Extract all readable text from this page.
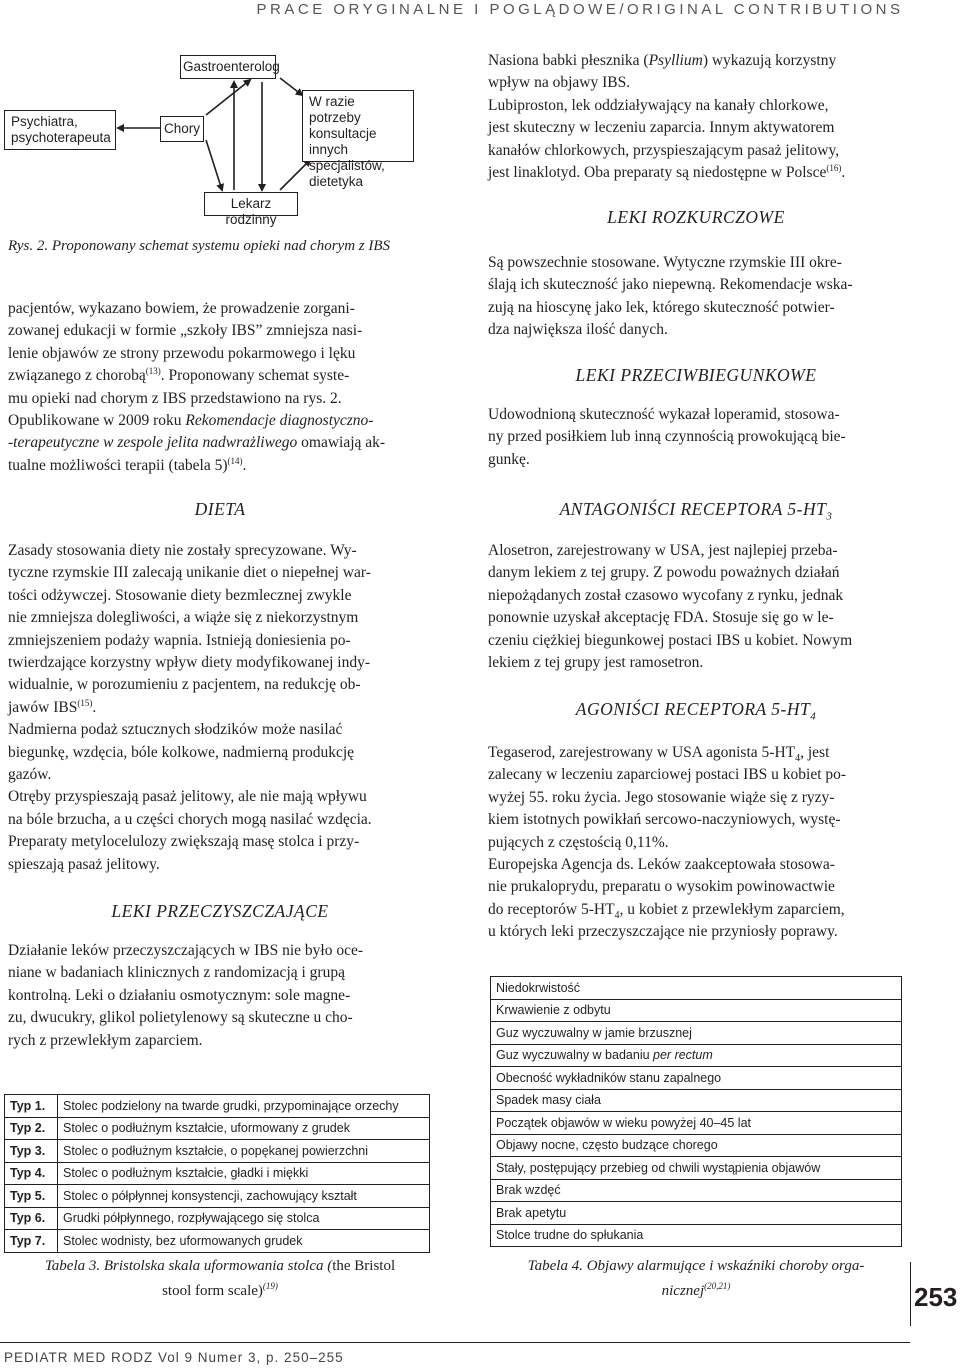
PRACE ORYGINALNE I POGLĄDOWE/ORIGINAL CONTRIBUTIONS
Psychiatra,
psychoterapeuta
Chory
Gastroenterolog
W razie potrzeby
konsultacje innych
specjalistów,
dietetyka
Lekarz rodzinny
Rys. 2. Proponowany schemat systemu opieki nad chorym z IBS

pacjentów, wykazano bowiem, że prowadzenie zorgani-
zowanej edukacji w formie „szkoły IBS” zmniejsza nasi-
lenie objawów ze strony przewodu pokarmowego i lęku
związanego z chorobą$^{(13)}$. Proponowany schemat syste-
mu opieki nad chorym z IBS przedstawiono na rys. 2.
Opublikowane w 2009 roku Rekomendacje diagnostyczno-
-terapeutyczne w zespole jelita nadwrażliwego omawiają ak-
tualne możliwości terapii (tabela 5)$^{(14)}$.

DIETA

Zasady stosowania diety nie zostały sprecyzowane. Wy-
tyczne rzymskie III zalecają unikanie diet o niepełnej war-
tości odżywczej. Stosowanie diety bezmlecznej zwykle
nie zmniejsza dolegliwości, a wiąże się z niekorzystnym
zmniejszeniem podaży wapnia. Istnieją doniesienia po-
twierdzające korzystny wpływ diety modyfikowanej indy-
widualnie, w porozumieniu z pacjentem, na redukcję ob-
jawów IBS$^{(15)}$.
Nadmierna podaż sztucznych słodzików może nasilać
biegunkę, wzdęcia, bóle kolkowe, nadmierną produkcję
gazów.
Otręby przyspieszają pasaż jelitowy, ale nie mają wpływu
na bóle brzucha, a u części chorych mogą nasilać wzdęcia.
Preparaty metylocelulozy zwiększają masę stolca i przy-
spieszają pasaż jelitowy.

LEKI PRZECZYSZCZAJĄCE

Działanie leków przeczyszczających w IBS nie było oce-
niane w badaniach klinicznych z randomizacją i grupą
kontrolną. Leki o działaniu osmotycznym: sole magne-
zu, dwucukry, glikol polietylenowy są skuteczne u cho-
rych z przewlekłym zaparciem.

Typ 1.	Stolec podzielony na twarde grudki, przypominające orzechy
Typ 2.	Stolec o podłużnym kształcie, uformowany z grudek
Typ 3.	Stolec o podłużnym kształcie, o popękanej powierzchni
Typ 4.	Stolec o podłużnym kształcie, gładki i miękki
Typ 5.	Stolec o półpłynnej konsystencji, zachowujący kształt
Typ 6.	Grudki półpłynnego, rozpływającego się stolca
Typ 7.	Stolec wodnisty, bez uformowanych grudek
Tabela 3. Bristolska skala uformowania stolca (the Bristol
stool form scale)$^{(19)}$

Nasiona babki płesznika (Psyllium) wykazują korzystny
wpływ na objawy IBS.
Lubiproston, lek oddziaływający na kanały chlorkowe,
jest skuteczny w leczeniu zaparcia. Innym aktywatorem
kanałów chlorkowych, przyspieszającym pasaż jelitowy,
jest linaklotyd. Oba preparaty są niedostępne w Polsce$^{(16)}$.

LEKI ROZKURCZOWE

Są powszechnie stosowane. Wytyczne rzymskie III okre-
ślają ich skuteczność jako niepewną. Rekomendacje wska-
zują na hioscynę jako lek, którego skuteczność potwier-
dza największa ilość danych.

LEKI PRZECIWBIEGUNKOWE

Udowodnioną skuteczność wykazał loperamid, stosowa-
ny przed posiłkiem lub inną czynnością prowokującą bie-
gunkę.

ANTAGONIŚCI RECEPTORA $5-HT_3$

Alosetron, zarejestrowany w USA, jest najlepiej przeba-
danym lekiem z tej grupy. Z powodu poważnych działań
niepożądanych został czasowo wycofany z rynku, jednak
ponownie uzyskał akceptację FDA. Stosuje się go w le-
czeniu ciężkiej biegunkowej postaci IBS u kobiet. Nowym
lekiem z tej grupy jest ramosetron.

AGONIŚCI RECEPTORA $5-HT_4$

Tegaserod, zarejestrowany w USA agonista $5-HT_4$, jest
zalecany w leczeniu zaparciowej postaci IBS u kobiet po-
wyżej 55. roku życia. Jego stosowanie wiąże się z ryzy-
kiem istotnych powikłań sercowo-naczyniowych, wystę-
pujących z częstością 0,11%.
Europejska Agencja ds. Leków zaakceptowała stosowa-
nie prukaloprydu, preparatu o wysokim powinowactwie
do receptorów $5-HT_4$, u kobiet z przewlekłym zaparciem,
u których leki przeczyszczające nie przyniosły poprawy.

Niedokrwistość
Krwawienie z odbytu
Guz wyczuwalny w jamie brzusznej
Guz wyczuwalny w badaniu per rectum
Obecność wykładników stanu zapalnego
Spadek masy ciała
Początek objawów w wieku powyżej 40–45 lat
Objawy nocne, często budzące chorego
Stały, postępujący przebieg od chwili wystąpienia objawów
Brak wzdęć
Brak apetytu
Stolce trudne do spłukania
Tabela 4. Objawy alarmujące i wskaźniki choroby orga-
nicznej$^{(20,21)}$	253
PEDIATR MED RODZ Vol 9 Numer 3, p. 250–255
